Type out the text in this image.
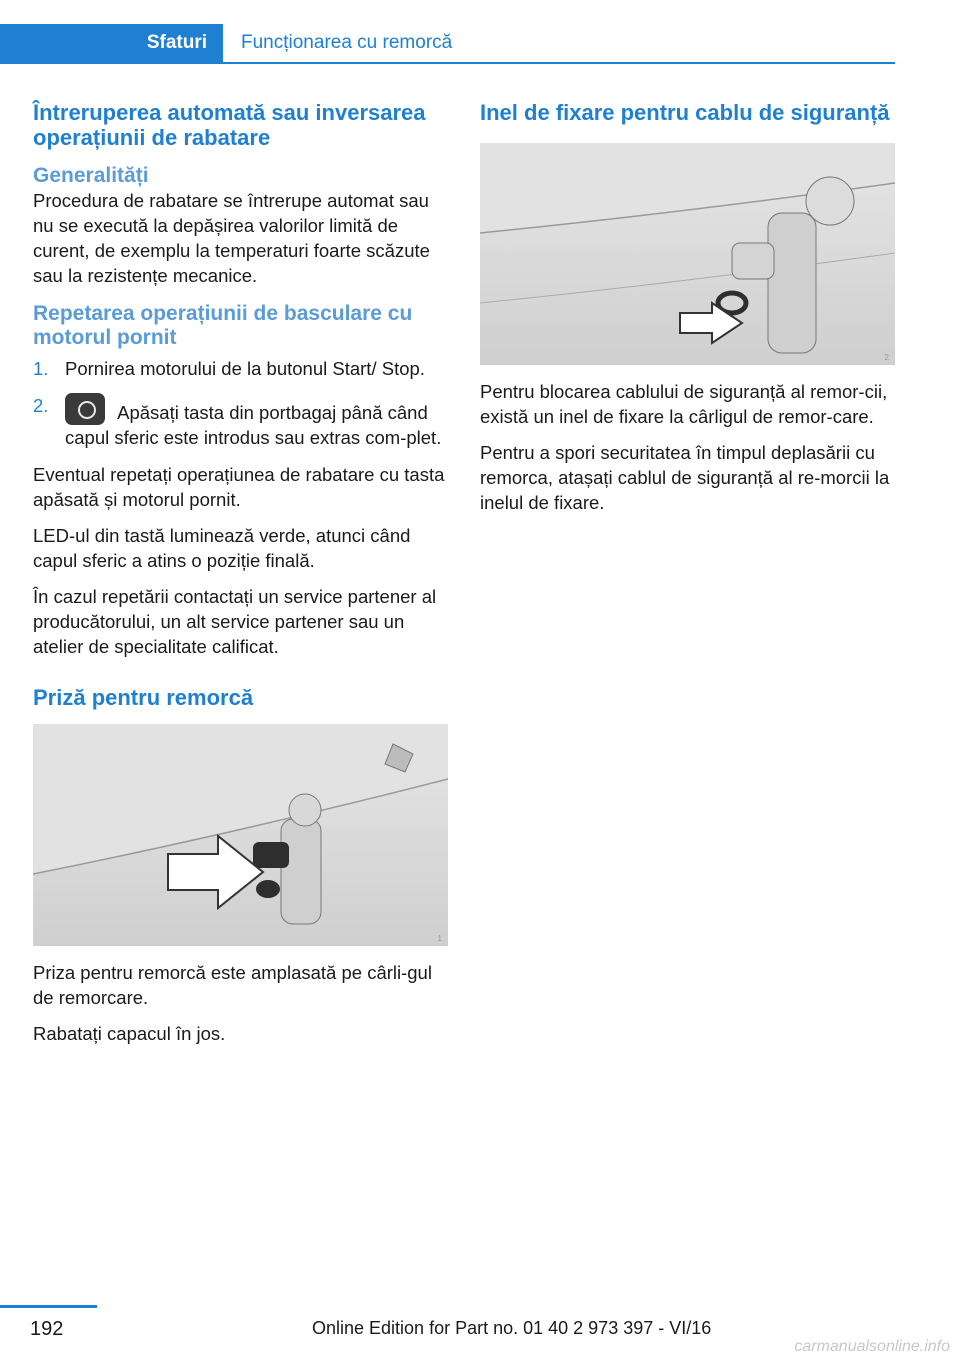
Sfaturi	Funcționarea cu remorcă
Întreruperea automată sau inversarea operațiunii de rabatare
Generalități

Procedura de rabatare se întrerupe automat sau nu se execută la depășirea valorilor limită de curent, de exemplu la temperaturi foarte scăzute sau la rezistențe mecanice.

Repetarea operațiunii de basculare cu motorul pornit
1. Pornirea motorului de la butonul Start/ Stop.
2.	Apăsați tasta din portbagaj până când capul sferic este introdus sau extras com-plet.

Eventual repetați operațiunea de rabatare cu tasta apăsată și motorul pornit.

LED-ul din tastă luminează verde, atunci când capul sferic a atins o poziție finală.

În cazul repetării contactați un service partener al producătorului, un alt service partener sau un atelier de specialitate calificat.

Priză pentru remorcă
1

Priza pentru remorcă este amplasată pe cârli-gul de remorcare.

Rabatați capacul în jos.

Inel de fixare pentru cablu de siguranță
2

Pentru blocarea cablului de siguranță al remor-cii, există un inel de fixare la cârligul de remor-care.

Pentru a spori securitatea în timpul deplasării cu remorca, atașați cablul de siguranță al re-morcii la inelul de fixare.

192	Online Edition for Part no. 01 40 2 973 397 - VI/16
carmanualsonline.info
